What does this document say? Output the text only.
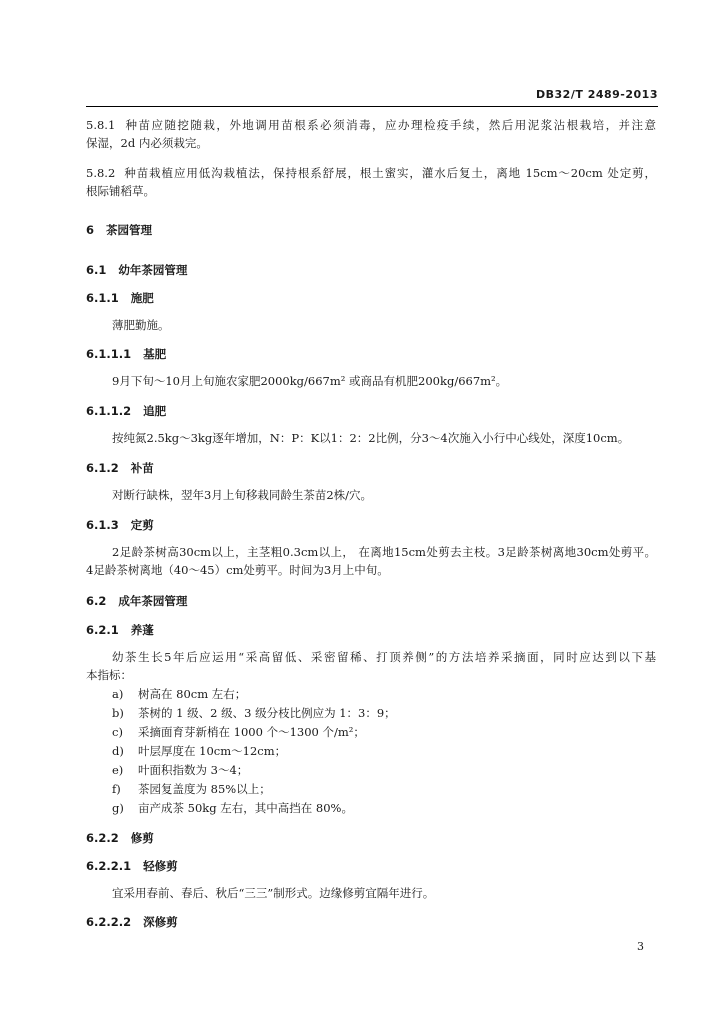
DB32/T 2489-2013
5.8.1 种苗应随挖随栽，外地调用苗根系必须消毒，应办理检疫手续，然后用泥浆沾根栽培，并注意
保湿，2d 内必须栽完。
5.8.2 种苗栽植应用低沟栽植法，保持根系舒展，根土蜜实，灌水后复土，离地 15cm～20cm 处定剪，
根际铺稻草。
6 茶园管理
6.1 幼年茶园管理
6.1.1 施肥
薄肥勤施。
6.1.1.1 基肥
9月下旬～10月上旬施农家肥2000kg/667m² 或商品有机肥200kg/667m²。
6.1.1.2 追肥
按纯氮2.5kg～3kg逐年增加，N：P：K以1：2：2比例，分3～4次施入小行中心线处，深度10cm。
6.1.2 补苗
对断行缺株，翌年3月上旬移栽同龄生茶苗2株/穴。
6.1.3 定剪
2足龄茶树高30cm以上，主茎粗0.3cm以上， 在离地15cm处剪去主枝。3足龄茶树离地30cm处剪平。
4足龄茶树离地（40～45）cm处剪平。时间为3月上中旬。
6.2 成年茶园管理
6.2.1 养蓬
幼茶生长5年后应运用“采高留低、采密留稀、打顶养侧”的方法培养采摘面，同时应达到以下基
本指标：
a) 树高在 80cm 左右；
b) 茶树的 1 级、2 级、3 级分枝比例应为 1：3：9；
c) 采摘面育芽新梢在 1000 个～1300 个/m²；
d) 叶层厚度在 10cm～12cm；
e) 叶面积指数为 3～4；
f) 茶园复盖度为 85%以上；
g) 亩产成茶 50kg 左右，其中高挡在 80%。
6.2.2 修剪
6.2.2.1 轻修剪
宜采用春前、春后、秋后“三三”制形式。边缘修剪宜隔年进行。
6.2.2.2 深修剪
3
